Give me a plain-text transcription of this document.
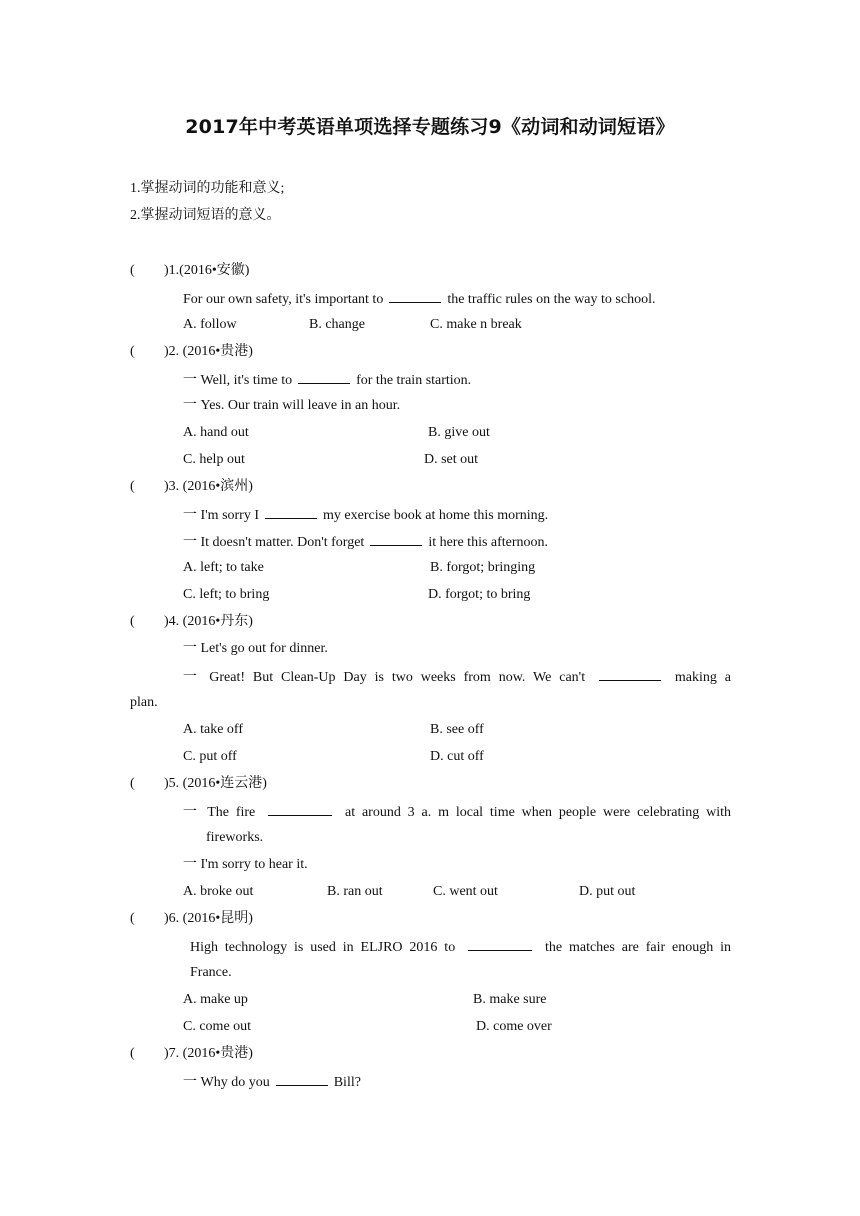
2017年中考英语单项选择专题练习9《动词和动词短语》
1.掌握动词的功能和意义;
2.掌握动词短语的意义。
( )1.(2016•安徽)
For our own safety, it's important to	the traffic rules on the way to school.
A. follow	B. change	C. make n break
( )2. (2016•贵港)
一 Well, it's time to	for the train startion.
一 Yes. Our train will leave in an hour.
A. hand out	B. give out
C. help out	D. set out
( )3. (2016•滨州)
一 I'm sorry I	my exercise book at home this morning.
一 It doesn't matter. Don't forget	it here this afternoon.
A. left; to take	B. forgot; bringing
C. left; to bring	D. forgot; to bring
( )4. (2016•丹东)
一 Let's go out for dinner.
一 Great! But Clean-Up Day is two weeks from now. We can't	making a
plan.
A. take off	B. see off
C. put off	D. cut off
( )5. (2016•连云港)
一 The fire	at around 3 a. m local time when people were celebrating with
fireworks.
一 I'm sorry to hear it.
A. broke out	B. ran out	C. went out	D. put out
( )6. (2016•昆明)
High technology is used in ELJRO 2016 to	the matches are fair enough in
France.
A. make up	B. make sure
C. come out	D. come over
( )7. (2016•贵港)
一 Why do you	Bill?
